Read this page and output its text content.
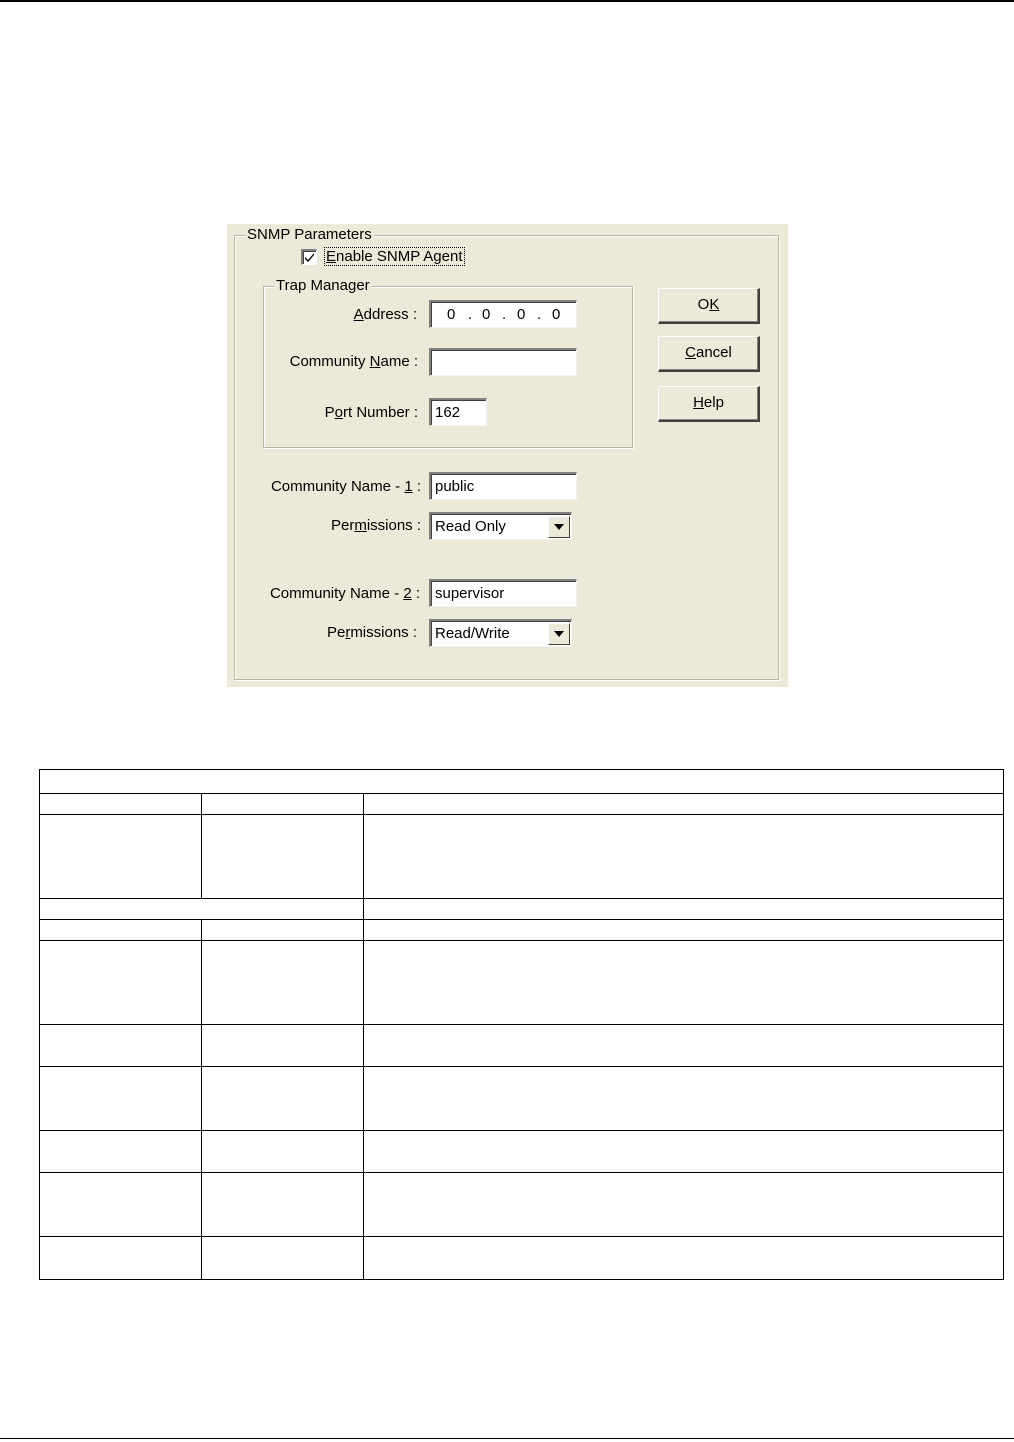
SNMP Parameters
Enable SNMP Agent
Trap Manager
Address : 0 . 0 . 0 . 0
Community Name :
Port Number : 162
Community Name - 1 : public
Permissions : Read Only
Community Name - 2 : supervisor
Permissions : Read/Write
OK
Cancel
Help
